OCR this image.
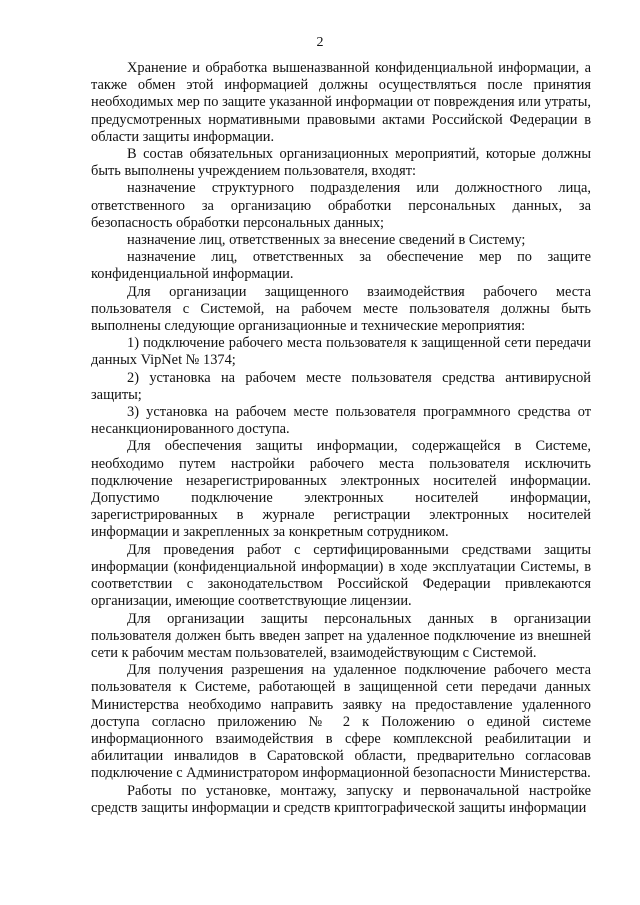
2

Хранение и обработка вышеназванной конфиденциальной информации, а также обмен этой информацией должны осуществляться после принятия необходимых мер по защите указанной информации от повреждения или утраты, предусмотренных нормативными правовыми актами Российской Федерации в области защиты информации.

В состав обязательных организационных мероприятий, которые должны быть выполнены учреждением пользователя, входят:

назначение структурного подразделения или должностного лица, ответственного за организацию обработки персональных данных, за безопасность обработки персональных данных;

назначение лиц, ответственных за внесение сведений в Систему;

назначение лиц, ответственных за обеспечение мер по защите конфиденциальной информации.

Для организации защищенного взаимодействия рабочего места пользователя с Системой, на рабочем месте пользователя должны быть выполнены следующие организационные и технические мероприятия:

1) подключение рабочего места пользователя к защищенной сети передачи данных VipNet № 1374;

2) установка на рабочем месте пользователя средства антивирусной защиты;

3) установка на рабочем месте пользователя программного средства от несанкционированного доступа.

Для обеспечения защиты информации, содержащейся в Системе, необходимо путем настройки рабочего места пользователя исключить подключение незарегистрированных электронных носителей информации. Допустимо подключение электронных носителей информации, зарегистрированных в журнале регистрации электронных носителей информации и закрепленных за конкретным сотрудником.

Для проведения работ с сертифицированными средствами защиты информации (конфиденциальной информации) в ходе эксплуатации Системы, в соответствии с законодательством Российской Федерации привлекаются организации, имеющие соответствующие лицензии.

Для организации защиты персональных данных в организации пользователя должен быть введен запрет на удаленное подключение из внешней сети к рабочим местам пользователей, взаимодействующим с Системой.

Для получения разрешения на удаленное подключение рабочего места пользователя к Системе, работающей в защищенной сети передачи данных Министерства необходимо направить заявку на предоставление удаленного доступа согласно приложению № 2 к Положению о единой системе информационного взаимодействия в сфере комплексной реабилитации и абилитации инвалидов в Саратовской области, предварительно согласовав подключение с Администратором информационной безопасности Министерства.

Работы по установке, монтажу, запуску и первоначальной настройке средств защиты информации и средств криптографической защиты информации
